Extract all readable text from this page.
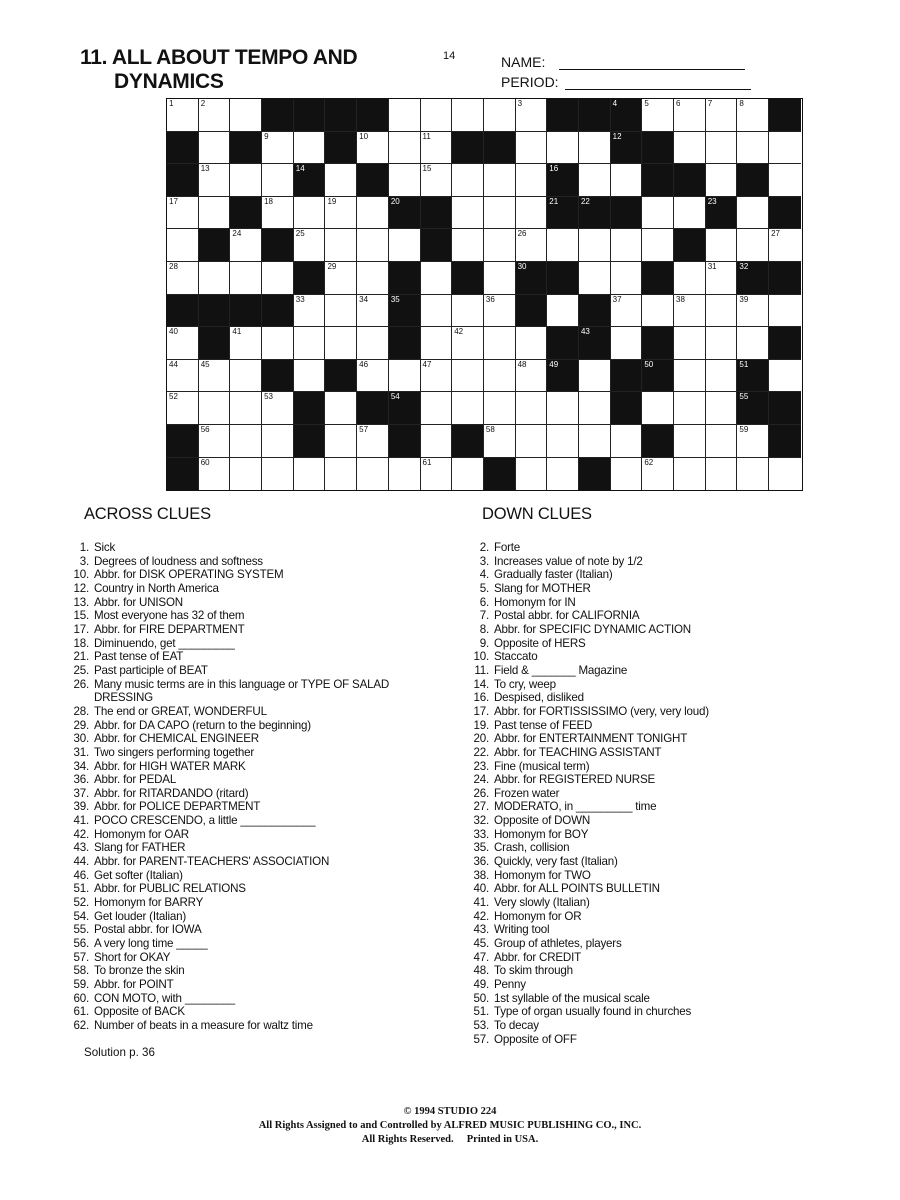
11. ALL ABOUT TEMPO AND
DYNAMICS
14	NAME:
PERIOD:
1	2	3	4	5	6	7	8
9	10	11	12
13	14	15	16
17	18	19	20	21	22	23
24	25	26	27
28	29	30	31	32
33	34	35	36	37	38	39
40	41	42	43
44	45	46	47	48	49	50	51
52	53	54	55
56	57	58	59
60	61	62
ACROSS CLUES
1. Sick
3. Degrees of loudness and softness
10. Abbr. for DISK OPERATING SYSTEM
12. Country in North America
13. Abbr. for UNISON
15. Most everyone has 32 of them
17. Abbr. for FIRE DEPARTMENT
18. Diminuendo, get _________
21. Past tense of EAT
25. Past participle of BEAT
26. Many music terms are in this language or TYPE OF SALAD
DRESSING
28. The end or GREAT, WONDERFUL
29. Abbr. for DA CAPO (return to the beginning)
30. Abbr. for CHEMICAL ENGINEER
31. Two singers performing together
34. Abbr. for HIGH WATER MARK
36. Abbr. for PEDAL
37. Abbr. for RITARDANDO (ritard)
39. Abbr. for POLICE DEPARTMENT
41. POCO CRESCENDO, a little ____________
42. Homonym for OAR
43. Slang for FATHER
44. Abbr. for PARENT-TEACHERS' ASSOCIATION
46. Get softer (Italian)
51. Abbr. for PUBLIC RELATIONS
52. Homonym for BARRY
54. Get louder (Italian)
55. Postal abbr. for IOWA
56. A very long time _____
57. Short for OKAY
58. To bronze the skin
59. Abbr. for POINT
60. CON MOTO, with ________
61. Opposite of BACK
62. Number of beats in a measure for waltz time
DOWN CLUES
2. Forte
3. Increases value of note by 1/2
4. Gradually faster (Italian)
5. Slang for MOTHER
6. Homonym for IN
7. Postal abbr. for CALIFORNIA
8. Abbr. for SPECIFIC DYNAMIC ACTION
9. Opposite of HERS
10. Staccato
11. Field & _______ Magazine
14. To cry, weep
16. Despised, disliked
17. Abbr. for FORTISSISSIMO (very, very loud)
19. Past tense of FEED
20. Abbr. for ENTERTAINMENT TONIGHT
22. Abbr. for TEACHING ASSISTANT
23. Fine (musical term)
24. Abbr. for REGISTERED NURSE
26. Frozen water
27. MODERATO, in _________ time
32. Opposite of DOWN
33. Homonym for BOY
35. Crash, collision
36. Quickly, very fast (Italian)
38. Homonym for TWO
40. Abbr. for ALL POINTS BULLETIN
41. Very slowly (Italian)
42. Homonym for OR
43. Writing tool
45. Group of athletes, players
47. Abbr. for CREDIT
48. To skim through
49. Penny
50. 1st syllable of the musical scale
51. Type of organ usually found in churches
53. To decay
57. Opposite of OFF
Solution p. 36
© 1994 STUDIO 224
All Rights Assigned to and Controlled by ALFRED MUSIC PUBLISHING CO., INC.
All Rights Reserved.     Printed in USA.
